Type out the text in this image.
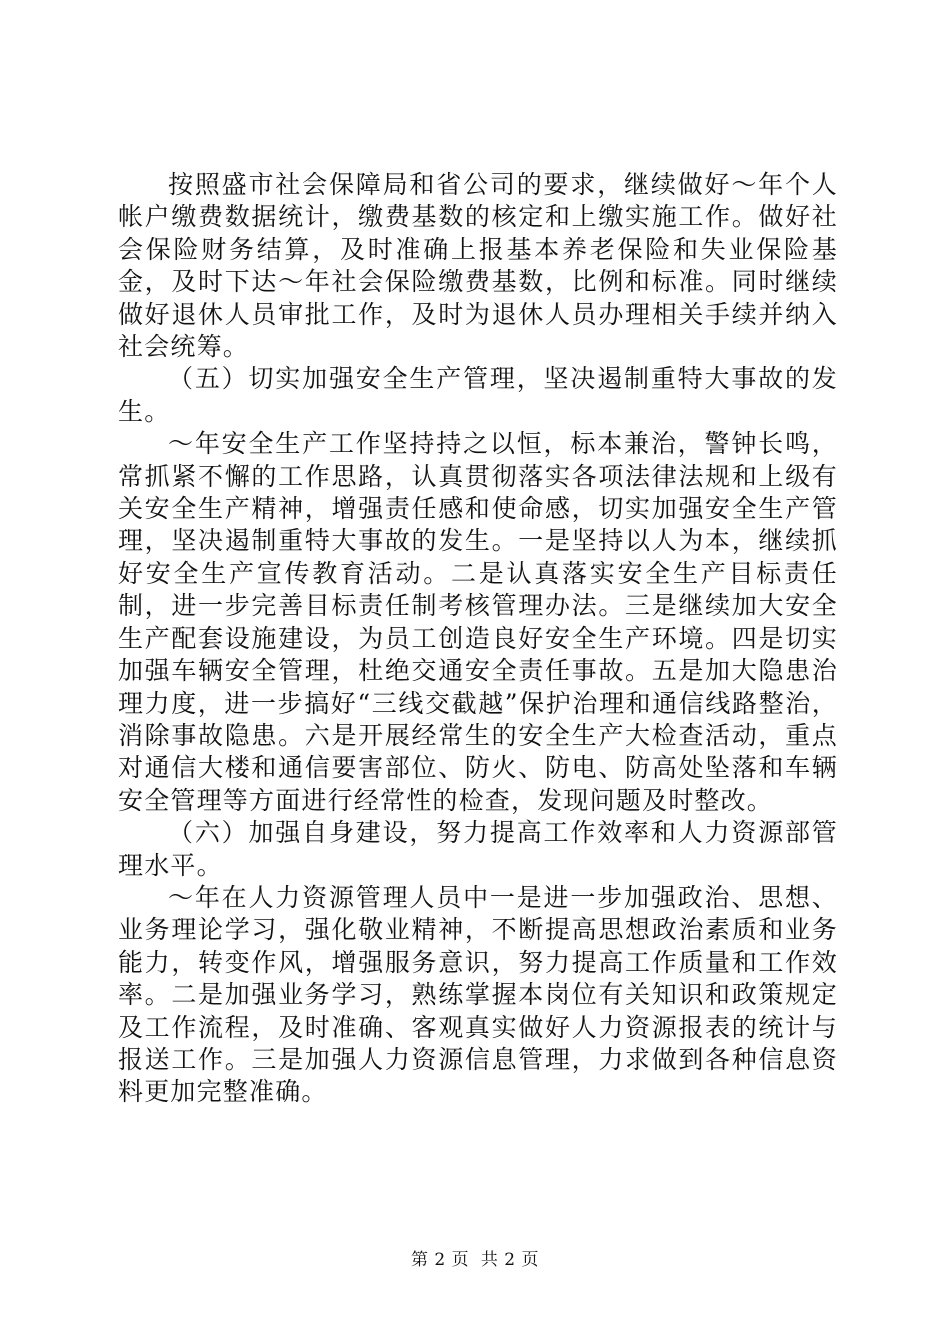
按照盛市社会保障局和省公司的要求，继续做好～年个人帐户缴费数据统计，缴费基数的核定和上缴实施工作。做好社会保险财务结算，及时准确上报基本养老保险和失业保险基金，及时下达～年社会保险缴费基数，比例和标准。同时继续做好退休人员审批工作，及时为退休人员办理相关手续并纳入社会统筹。

（五）切实加强安全生产管理，坚决遏制重特大事故的发生。

～年安全生产工作坚持持之以恒，标本兼治，警钟长鸣，常抓紧不懈的工作思路，认真贯彻落实各项法律法规和上级有关安全生产精神，增强责任感和使命感，切实加强安全生产管理，坚决遏制重特大事故的发生。一是坚持以人为本，继续抓好安全生产宣传教育活动。二是认真落实安全生产目标责任制，进一步完善目标责任制考核管理办法。三是继续加大安全生产配套设施建设，为员工创造良好安全生产环境。四是切实加强车辆安全管理，杜绝交通安全责任事故。五是加大隐患治理力度，进一步搞好“三线交截越”保护治理和通信线路整治，消除事故隐患。六是开展经常生的安全生产大检查活动，重点对通信大楼和通信要害部位、防火、防电、防高处坠落和车辆安全管理等方面进行经常性的检查，发现问题及时整改。

（六）加强自身建设，努力提高工作效率和人力资源部管理水平。

～年在人力资源管理人员中一是进一步加强政治、思想、业务理论学习，强化敬业精神，不断提高思想政治素质和业务能力，转变作风，增强服务意识，努力提高工作质量和工作效率。二是加强业务学习，熟练掌握本岗位有关知识和政策规定及工作流程，及时准确、客观真实做好人力资源报表的统计与报送工作。三是加强人力资源信息管理，力求做到各种信息资料更加完整准确。

第 2 页  共 2 页
